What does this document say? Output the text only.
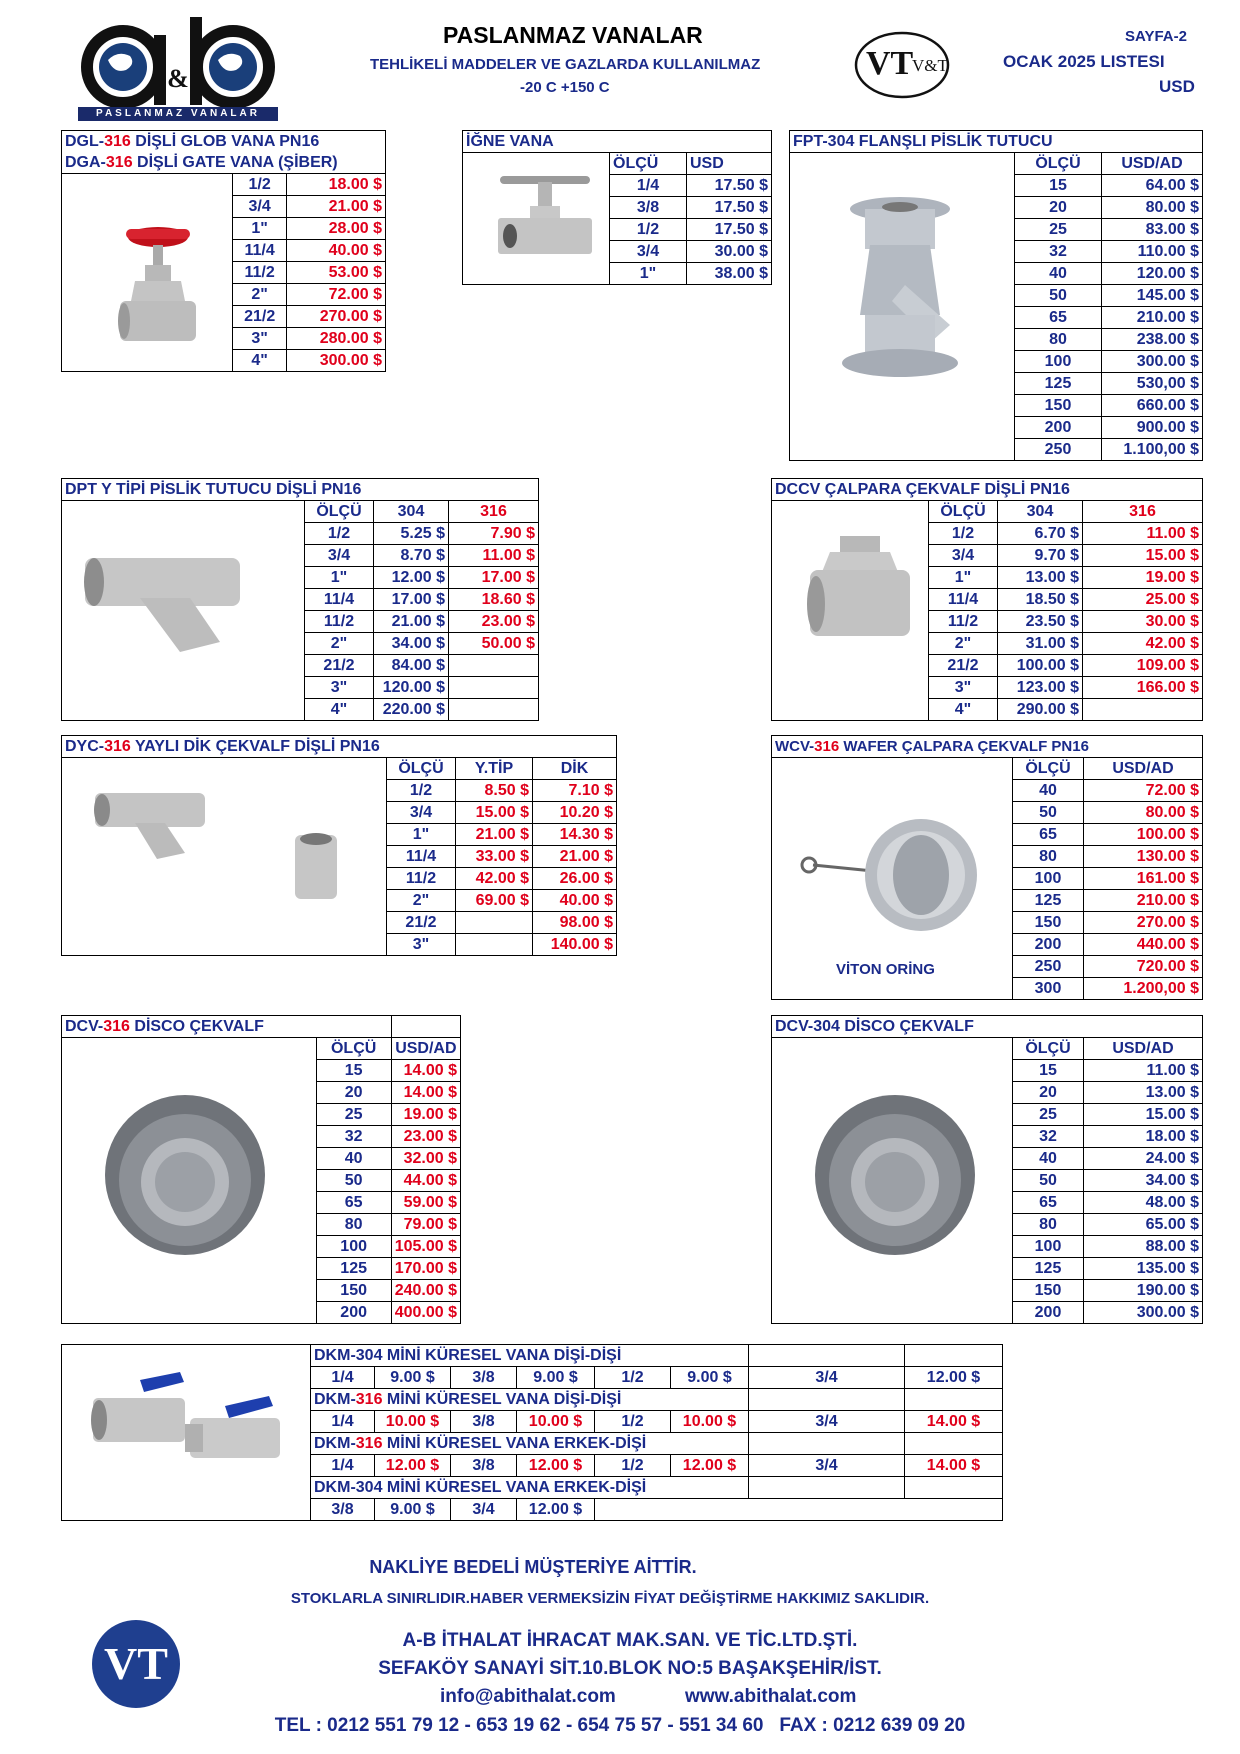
&
PASLANMAZ VANALAR
PASLANMAZ VANALAR
TEHLİKELİ MADDELER VE GAZLARDA KULLANILMAZ
-20 C +150 C
VT
V&T
SAYFA-2
OCAK 2025 LISTESI
USD
DGL-316 DİŞLİ GLOB VANA PN16		
DGA-316 DİŞLİ GATE VANA (ŞİBER)		
	1/2	18.00 $
	3/4	21.00 $
	1"	28.00 $
	11/4	40.00 $
	11/2	53.00 $
	2"	72.00 $
	21/2	270.00 $
	3"	280.00 $
	4"	300.00 $
İĞNE VANA		
	ÖLÇÜ	USD
	1/4	17.50 $
	3/8	17.50 $
	1/2	17.50 $
	3/4	30.00 $
	1"	38.00 $
FPT-304 FLANŞLI PİSLİK TUTUCU		
	ÖLÇÜ	USD/AD
	15	64.00 $
	20	80.00 $
	25	83.00 $
	32	110.00 $
	40	120.00 $
	50	145.00 $
	65	210.00 $
	80	238.00 $
	100	300.00 $
	125	530,00 $
	150	660.00 $
	200	900.00 $
	250	1.100,00 $
DPT Y TİPİ PİSLİK TUTUCU DİŞLİ PN16			
	ÖLÇÜ	304	316
	1/2	5.25 $	7.90 $
	3/4	8.70 $	11.00 $
	1"	12.00 $	17.00 $
	11/4	17.00 $	18.60 $
	11/2	21.00 $	23.00 $
	2"	34.00 $	50.00 $
	21/2	84.00 $	
	3"	120.00 $	
	4"	220.00 $	
DCCV ÇALPARA ÇEKVALF DİŞLİ PN16			
	ÖLÇÜ	304	316
	1/2	6.70 $	11.00 $
	3/4	9.70 $	15.00 $
	1"	13.00 $	19.00 $
	11/4	18.50 $	25.00 $
	11/2	23.50 $	30.00 $
	2"	31.00 $	42.00 $
	21/2	100.00 $	109.00 $
	3"	123.00 $	166.00 $
	4"	290.00 $	
DYC-316 YAYLI DİK ÇEKVALF DİŞLİ PN16			
	ÖLÇÜ	Y.TİP	DİK
	1/2	8.50 $	7.10 $
	3/4	15.00 $	10.20 $
	1"	21.00 $	14.30 $
	11/4	33.00 $	21.00 $
	11/2	42.00 $	26.00 $
	2"	69.00 $	40.00 $
	21/2		98.00 $
	3"		140.00 $
WCV-316 WAFER ÇALPARA ÇEKVALF PN16		
	ÖLÇÜ	USD/AD
	40	72.00 $
	50	80.00 $
	65	100.00 $
	80	130.00 $
	100	161.00 $
	125	210.00 $
	150	270.00 $
	200	440.00 $
	250	720.00 $
	300	1.200,00 $
VİTON ORİNG
DCV-316 DİSCO ÇEKVALF		
	ÖLÇÜ	USD/AD
	15	14.00 $
	20	14.00 $
	25	19.00 $
	32	23.00 $
	40	32.00 $
	50	44.00 $
	65	59.00 $
	80	79.00 $
	100	105.00 $
	125	170.00 $
	150	240.00 $
	200	400.00 $
DCV-304 DİSCO ÇEKVALF		
	ÖLÇÜ	USD/AD
	15	11.00 $
	20	13.00 $
	25	15.00 $
	32	18.00 $
	40	24.00 $
	50	34.00 $
	65	48.00 $
	80	65.00 $
	100	88.00 $
	125	135.00 $
	150	190.00 $
	200	300.00 $
	DKM-304 MİNİ KÜRESEL VANA DİŞİ-DİŞİ							
	1/4	9.00 $	3/8	9.00 $	1/2	9.00 $	3/4	12.00 $
	DKM-316 MİNİ KÜRESEL VANA DİŞİ-DİŞİ							
	1/4	10.00 $	3/8	10.00 $	1/2	10.00 $	3/4	14.00 $
	DKM-316 MİNİ KÜRESEL VANA ERKEK-DİŞİ							
	1/4	12.00 $	3/8	12.00 $	1/2	12.00 $	3/4	14.00 $
	DKM-304 MİNİ KÜRESEL VANA ERKEK-DİŞİ							
	3/8	9.00 $	3/4	12.00 $				
NAKLİYE BEDELİ MÜŞTERİYE AİTTİR.
STOKLARLA SINIRLIDIR.HABER VERMEKSİZİN FİYAT DEĞİŞTİRME HAKKIMIZ SAKLIDIR.
VT	A-B İTHALAT İHRACAT MAK.SAN. VE TİC.LTD.ŞTİ.
SEFAKÖY SANAYİ SİT.10.BLOK NO:5 BAŞAKŞEHİR/İST.
info@abithalat.com	www.abithalat.com
TEL : 0212 551 79 12 - 653 19 62 - 654 75 57 - 551 34 60   FAX : 0212 639 09 20
